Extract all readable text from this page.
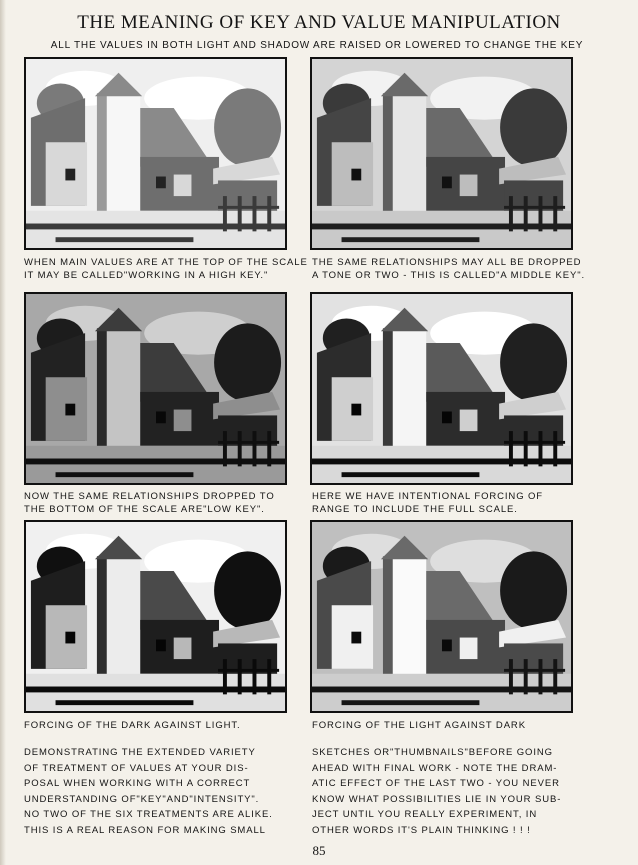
THE MEANING OF KEY AND VALUE MANIPULATION
ALL THE VALUES IN BOTH LIGHT AND SHADOW ARE RAISED OR LOWERED TO CHANGE THE KEY
WHEN MAIN VALUES ARE AT THE TOP OF THE SCALE
IT MAY BE CALLED"WORKING IN A HIGH KEY."
THE SAME RELATIONSHIPS MAY ALL BE DROPPED
A TONE OR TWO - THIS IS CALLED"A MIDDLE KEY".
NOW THE SAME RELATIONSHIPS DROPPED TO
THE BOTTOM OF THE SCALE ARE"LOW KEY".
HERE WE HAVE INTENTIONAL FORCING OF
RANGE TO INCLUDE THE FULL SCALE.
FORCING OF THE DARK AGAINST LIGHT.	FORCING OF THE LIGHT AGAINST DARK
DEMONSTRATING THE EXTENDED VARIETY
OF TREATMENT OF VALUES AT YOUR DIS-
POSAL WHEN WORKING WITH A CORRECT
UNDERSTANDING OF"KEY"AND"INTENSITY".
NO TWO OF THE SIX TREATMENTS ARE ALIKE.
THIS IS A REAL REASON FOR MAKING SMALL
SKETCHES OR"THUMBNAILS"BEFORE GOING
AHEAD WITH FINAL WORK - NOTE THE DRAM-
ATIC EFFECT OF THE LAST TWO - YOU NEVER
KNOW WHAT POSSIBILITIES LIE IN YOUR SUB-
JECT UNTIL YOU REALLY EXPERIMENT, IN
OTHER WORDS IT'S PLAIN THINKING ! ! !
85
